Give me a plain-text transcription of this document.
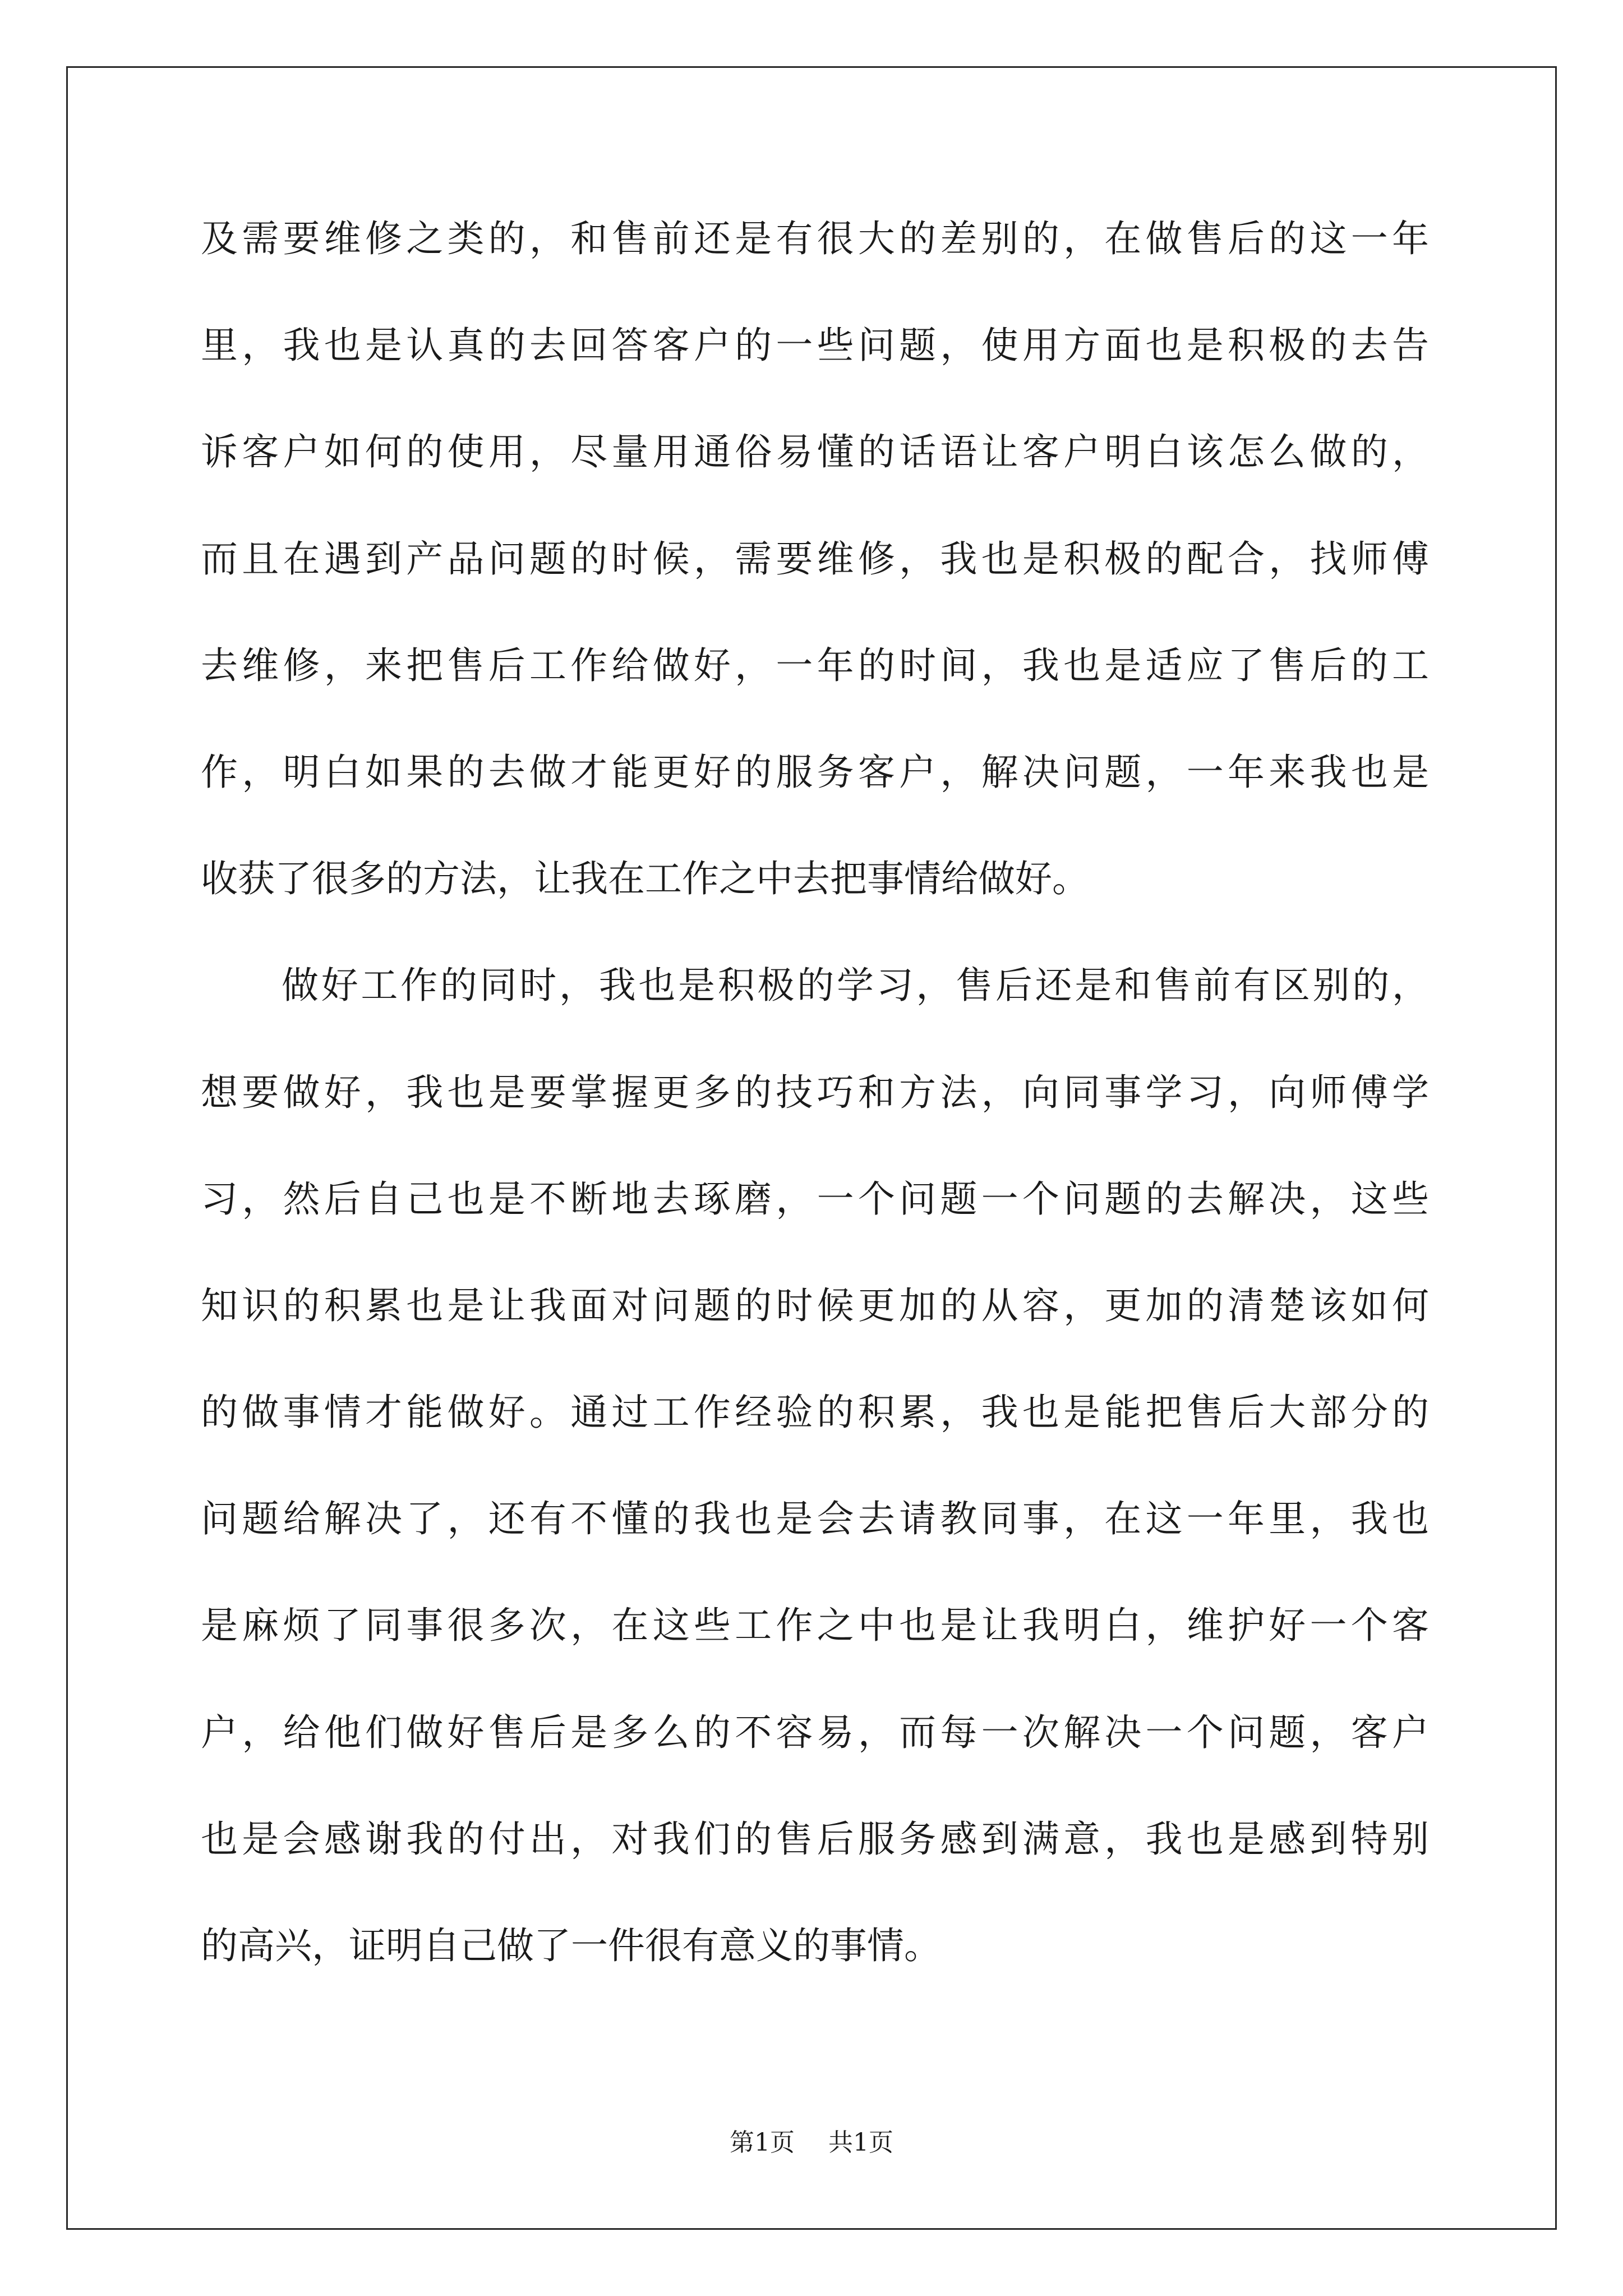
及需要维修之类的，和售前还是有很大的差别的，在做售后的这一年
里，我也是认真的去回答客户的一些问题，使用方面也是积极的去告
诉客户如何的使用，尽量用通俗易懂的话语让客户明白该怎么做的，
而且在遇到产品问题的时候，需要维修，我也是积极的配合，找师傅
去维修，来把售后工作给做好，一年的时间，我也是适应了售后的工
作，明白如果的去做才能更好的服务客户，解决问题，一年来我也是
收获了很多的方法，让我在工作之中去把事情给做好。
做好工作的同时，我也是积极的学习，售后还是和售前有区别的，
想要做好，我也是要掌握更多的技巧和方法，向同事学习，向师傅学
习，然后自己也是不断地去琢磨，一个问题一个问题的去解决，这些
知识的积累也是让我面对问题的时候更加的从容，更加的清楚该如何
的做事情才能做好。通过工作经验的积累，我也是能把售后大部分的
问题给解决了，还有不懂的我也是会去请教同事，在这一年里，我也
是麻烦了同事很多次，在这些工作之中也是让我明白，维护好一个客
户，给他们做好售后是多么的不容易，而每一次解决一个问题，客户
也是会感谢我的付出，对我们的售后服务感到满意，我也是感到特别
的高兴，证明自己做了一件很有意义的事情。
第1页 共1页
